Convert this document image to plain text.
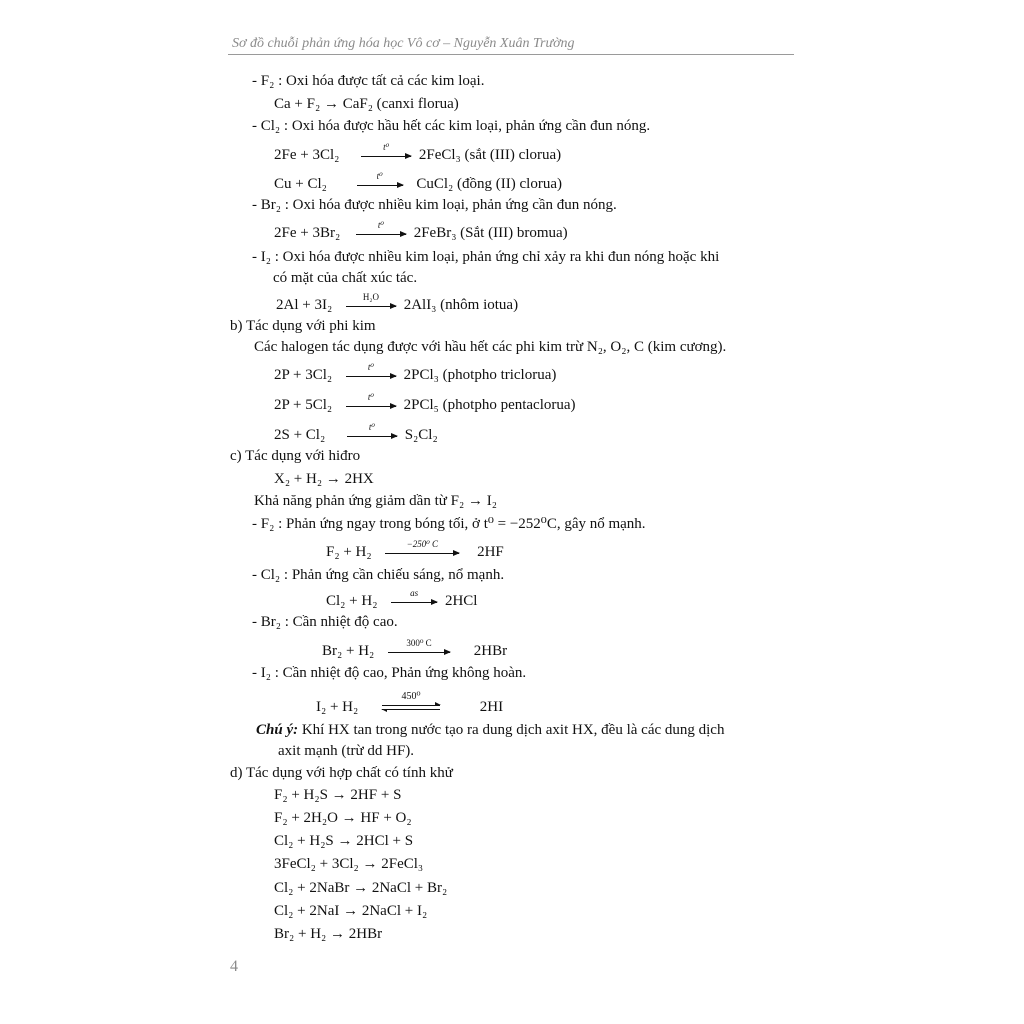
Sơ đồ chuỗi phản ứng hóa học Vô cơ – Nguyễn Xuân Trường
- F₂ : Oxi hóa được tất cả các kim loại.
Ca + F₂ → CaF₂ (canxi florua)
- Cl₂ : Oxi hóa được hầu hết các kim loại, phản ứng cần đun nóng.
2Fe + 3Cl₂	t⁰	2FeCl₃ (sắt (III) clorua)
Cu + Cl₂	t⁰	CuCl₂ (đồng (II) clorua)
- Br₂ : Oxi hóa được nhiều kim loại, phản ứng cần đun nóng.
2Fe + 3Br₂	t⁰	2FeBr₃ (Sắt (III) bromua)
- I₂ : Oxi hóa được nhiều kim loại, phản ứng chỉ xảy ra khi đun nóng hoặc khi
có mặt của chất xúc tác.
2Al + 3I₂	H₂O	2AlI₃ (nhôm iotua)
b) Tác dụng với phi kim
Các halogen tác dụng được với hầu hết các phi kim trừ N₂, O₂, C (kim cương).
2P + 3Cl₂	t⁰	2PCl₃ (photpho triclorua)
2P + 5Cl₂	t⁰	2PCl₅ (photpho pentaclorua)
2S + Cl₂	t⁰	S₂Cl₂
c) Tác dụng với hiđro
X₂ + H₂ → 2HX
Khả năng phản ứng giảm dần từ F₂ → I₂
- F₂ : Phản ứng ngay trong bóng tối, ở t⁰ = −252⁰C, gây nổ mạnh.
F₂ + H₂	−250⁰ C	2HF
- Cl₂ : Phản ứng cần chiếu sáng, nổ mạnh.
Cl₂ + H₂	as	2HCl
- Br₂ : Cần nhiệt độ cao.
Br₂ + H₂	300⁰ C	2HBr
- I₂ : Cần nhiệt độ cao, Phản ứng không hoàn.
I₂ + H₂
450⁰
2HI
Chú ý: Khí HX tan trong nước tạo ra dung dịch axit HX, đều là các dung dịch
axit mạnh (trừ dd HF).
d) Tác dụng với hợp chất có tính khử
F₂ + H₂S → 2HF + S
F₂ + 2H₂O → HF + O₂
Cl₂ + H₂S → 2HCl + S
3FeCl₂ + 3Cl₂ → 2FeCl₃
Cl₂ + 2NaBr → 2NaCl + Br₂
Cl₂ + 2NaI → 2NaCl + I₂
Br₂ + H₂ → 2HBr
4
